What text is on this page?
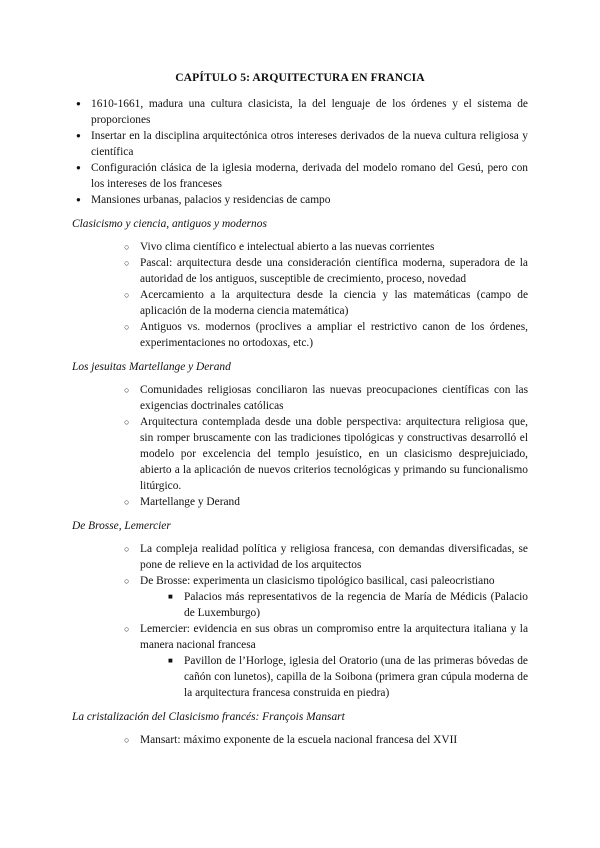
CAPÍTULO 5: ARQUITECTURA EN FRANCIA
● 1610-1661, madura una cultura clasicista, la del lenguaje de los órdenes y el sistema de proporciones
● Insertar en la disciplina arquitectónica otros intereses derivados de la nueva cultura religiosa y científica
● Configuración clásica de la iglesia moderna, derivada del modelo romano del Gesú, pero con los intereses de los franceses
● Mansiones urbanas, palacios y residencias de campo
Clasicismo y ciencia, antiguos y modernos
○ Vivo clima científico e intelectual abierto a las nuevas corrientes
○ Pascal: arquitectura desde una consideración científica moderna, superadora de la autoridad de los antiguos, susceptible de crecimiento, proceso, novedad
○ Acercamiento a la arquitectura desde la ciencia y las matemáticas (campo de aplicación de la moderna ciencia matemática)
○ Antiguos vs. modernos (proclives a ampliar el restrictivo canon de los órdenes, experimentaciones no ortodoxas, etc.)
Los jesuitas Martellange y Derand
○ Comunidades religiosas conciliaron las nuevas preocupaciones científicas con las exigencias doctrinales católicas
○ Arquitectura contemplada desde una doble perspectiva: arquitectura religiosa que, sin romper bruscamente con las tradiciones tipológicas y constructivas desarrolló el modelo por excelencia del templo jesuístico, en un clasicismo desprejuiciado, abierto a la aplicación de nuevos criterios tecnológicas y primando su funcionalismo litúrgico.
○ Martellange y Derand
De Brosse, Lemercier
○ La compleja realidad política y religiosa francesa, con demandas diversificadas, se pone de relieve en la actividad de los arquitectos
○ De Brosse: experimenta un clasicismo tipológico basilical, casi paleocristiano
■ Palacios más representativos de la regencia de María de Médicis (Palacio de Luxemburgo)
○ Lemercier: evidencia en sus obras un compromiso entre la arquitectura italiana y la manera nacional francesa
■ Pavillon de l’Horloge, iglesia del Oratorio (una de las primeras bóvedas de cañón con lunetos), capilla de la Soibona (primera gran cúpula moderna de la arquitectura francesa construida en piedra)
La cristalización del Clasicismo francés: François Mansart
○ Mansart: máximo exponente de la escuela nacional francesa del XVII
